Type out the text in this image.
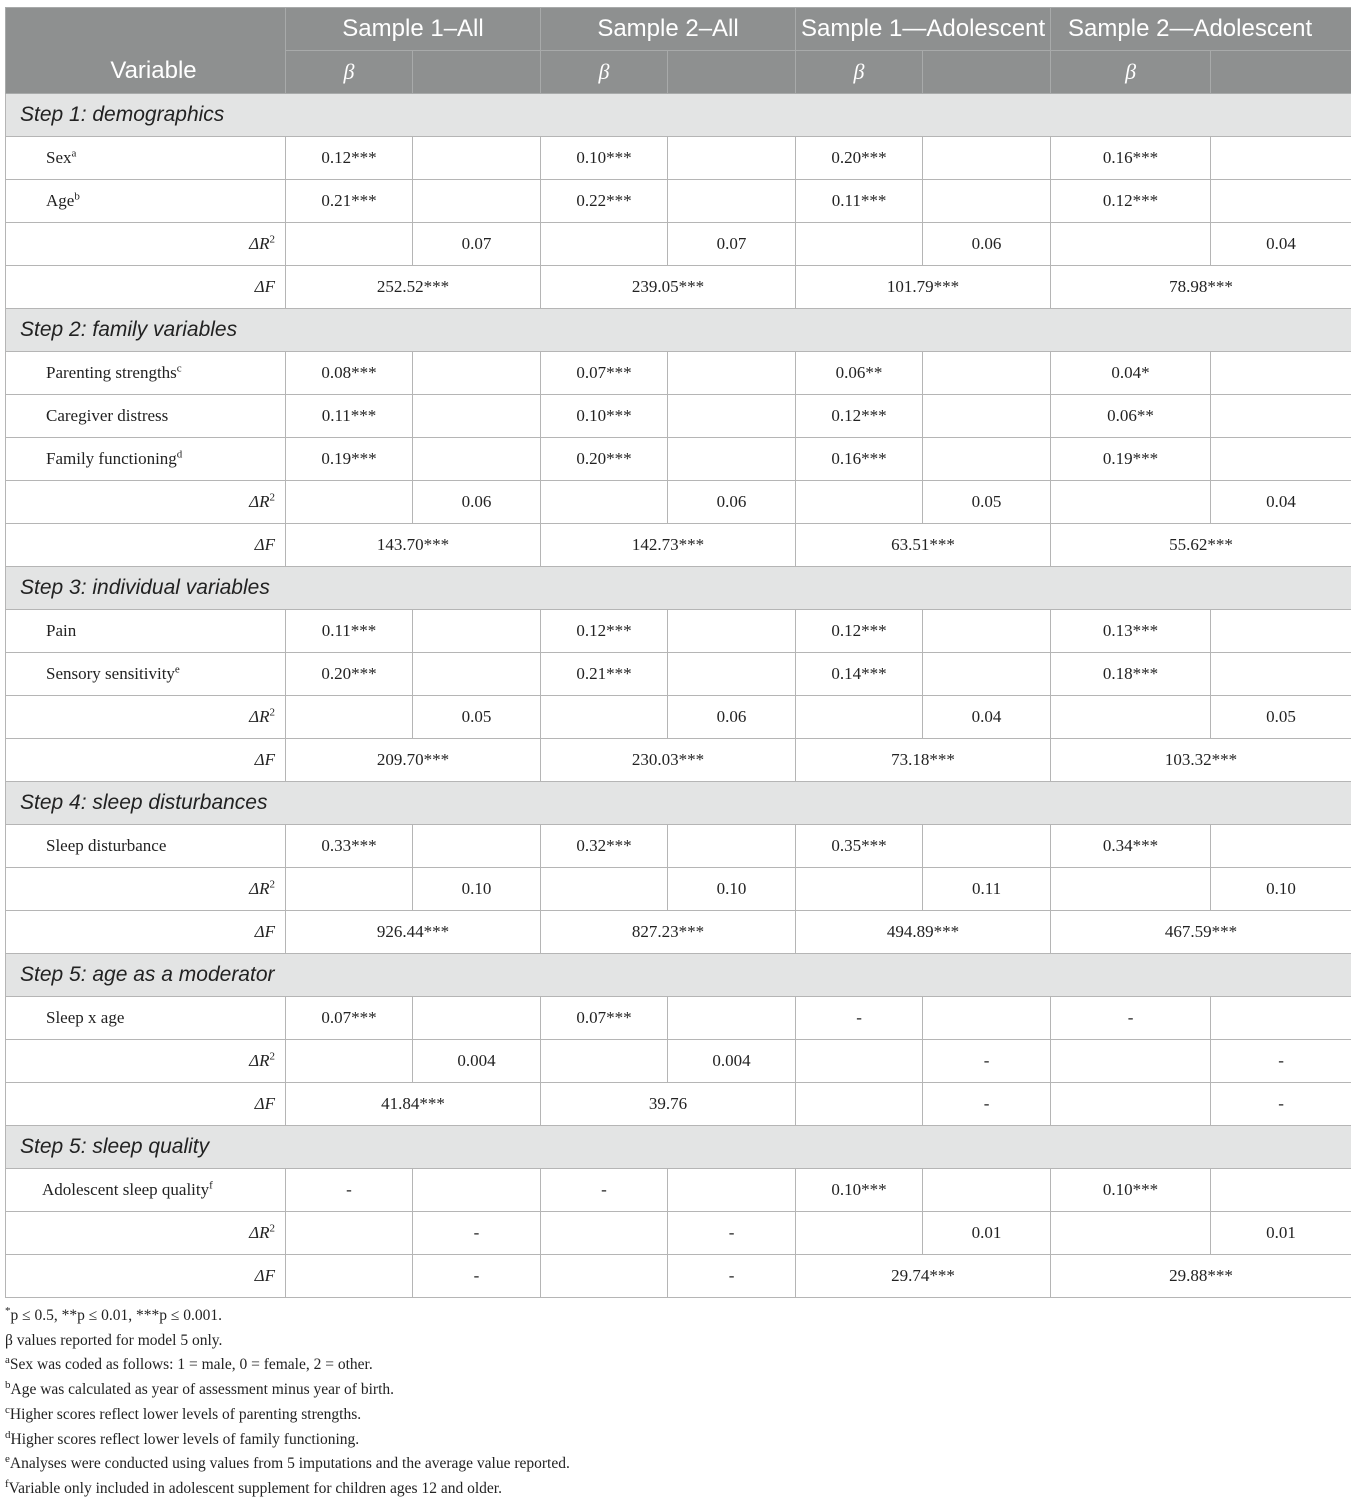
Variable	Sample 1–All		Sample 2–All		Sample 1—Adolescent		Sample 2—Adolescent	
	β		β		β		β	
Step 1: demographics								
Sex$^a$	0.12***		0.10***		0.20***		0.16***	
Age$^b$	0.21***		0.22***		0.11***		0.12***	
$\Delta R^2$		0.07		0.07		0.06		0.04
ΔF	252.52***		239.05***		101.79***		78.98***	
Step 2: family variables								
Parenting strengths$^c$	0.08***		0.07***		0.06**		0.04*	
Caregiver distress	0.11***		0.10***		0.12***		0.06**	
Family functioning$^d$	0.19***		0.20***		0.16***		0.19***	
$\Delta R^2$		0.06		0.06		0.05		0.04
ΔF	143.70***		142.73***		63.51***		55.62***	
Step 3: individual variables								
Pain	0.11***		0.12***		0.12***		0.13***	
Sensory sensitivity$^e$	0.20***		0.21***		0.14***		0.18***	
$\Delta R^2$		0.05		0.06		0.04		0.05
ΔF	209.70***		230.03***		73.18***		103.32***	
Step 4: sleep disturbances								
Sleep disturbance	0.33***		0.32***		0.35***		0.34***	
$\Delta R^2$		0.10		0.10		0.11		0.10
ΔF	926.44***		827.23***		494.89***		467.59***	
Step 5: age as a moderator								
Sleep x age	0.07***		0.07***		-		-	
$\Delta R^2$		0.004		0.004		-		-
ΔF	41.84***		39.76			-		-
Step 5: sleep quality								
Adolescent sleep quality$^f$	-		-		0.10***		0.10***	
$\Delta R^2$		-		-		0.01		0.01
ΔF		-		-	29.74***		29.88***	
*p ≤ 0.5, **p ≤ 0.01, ***p ≤ 0.001.
β values reported for model 5 only.
$^a$Sex was coded as follows: 1 = male, 0 = female, 2 = other.
$^b$Age was calculated as year of assessment minus year of birth.
$^c$Higher scores reflect lower levels of parenting strengths.
$^d$Higher scores reflect lower levels of family functioning.
$^e$Analyses were conducted using values from 5 imputations and the average value reported.
$^f$Variable only included in adolescent supplement for children ages 12 and older.
